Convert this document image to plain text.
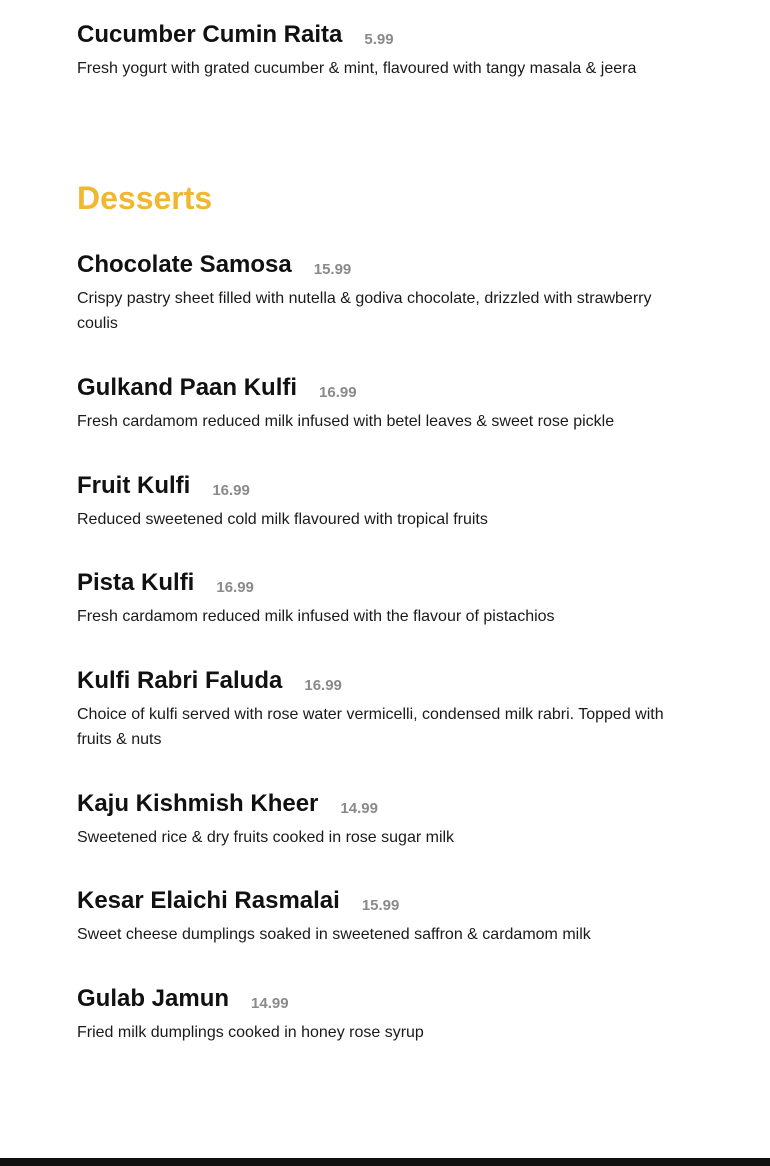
Cucumber Cumin Raita 5.99
Fresh yogurt with grated cucumber & mint, flavoured with tangy masala & jeera
Desserts
Chocolate Samosa 15.99
Crispy pastry sheet filled with nutella & godiva chocolate, drizzled with strawberry coulis
Gulkand Paan Kulfi 16.99
Fresh cardamom reduced milk infused with betel leaves & sweet rose pickle
Fruit Kulfi 16.99
Reduced sweetened cold milk flavoured with tropical fruits
Pista Kulfi 16.99
Fresh cardamom reduced milk infused with the flavour of pistachios
Kulfi Rabri Faluda 16.99
Choice of kulfi served with rose water vermicelli, condensed milk rabri. Topped with fruits & nuts
Kaju Kishmish Kheer 14.99
Sweetened rice & dry fruits cooked in rose sugar milk
Kesar Elaichi Rasmalai 15.99
Sweet cheese dumplings soaked in sweetened saffron & cardamom milk
Gulab Jamun 14.99
Fried milk dumplings cooked in honey rose syrup
